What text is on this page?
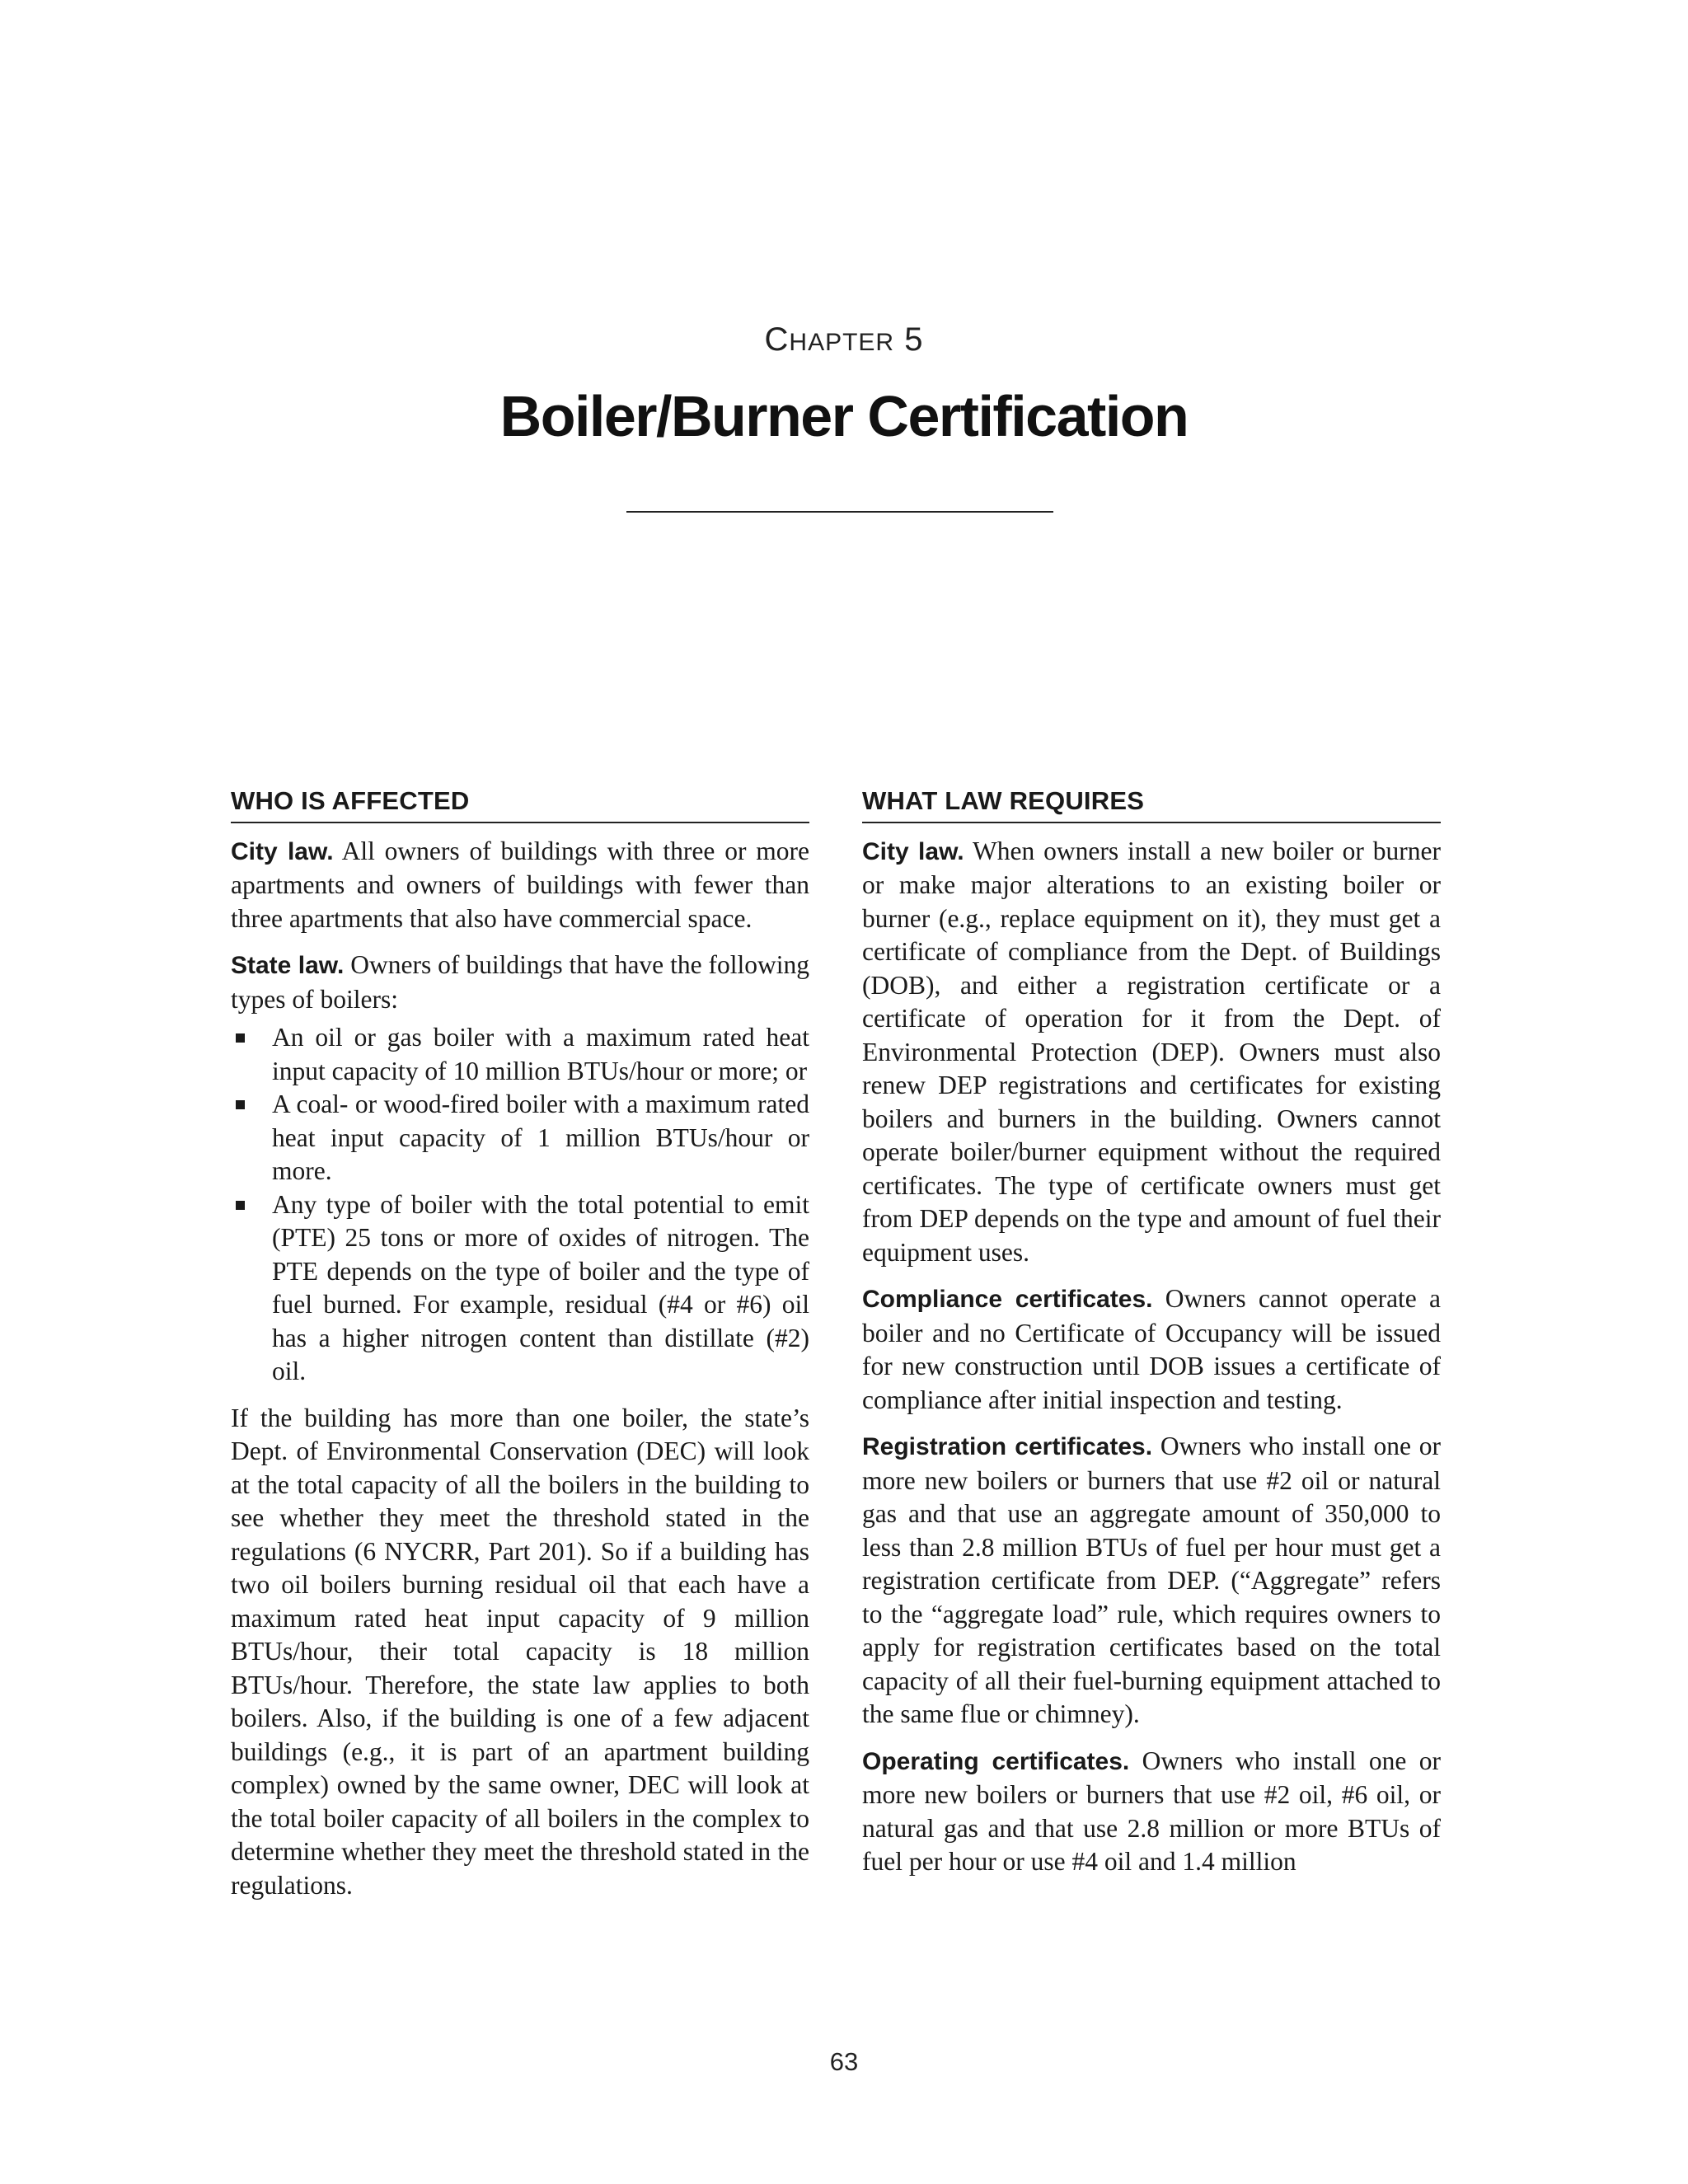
CHAPTER 5
Boiler/Burner Certification
WHO IS AFFECTED

City law. All owners of buildings with three or more apartments and owners of buildings with fewer than three apartments that also have commercial space.

State law. Owners of buildings that have the following types of boilers:

An oil or gas boiler with a maximum rated heat input capacity of 10 million BTUs/hour or more; or
A coal- or wood-fired boiler with a maximum rated heat input capacity of 1 million BTUs/hour or more.
Any type of boiler with the total potential to emit (PTE) 25 tons or more of oxides of nitrogen. The PTE depends on the type of boiler and the type of fuel burned. For example, residual (#4 or #6) oil has a higher nitrogen content than distillate (#2) oil.

If the building has more than one boiler, the state’s Dept. of Environmental Conservation (DEC) will look at the total capacity of all the boilers in the building to see whether they meet the threshold stated in the regulations (6 NYCRR, Part 201). So if a building has two oil boilers burning residual oil that each have a maximum rated heat input capacity of 9 million BTUs/hour, their total capacity is 18 million BTUs/hour. Therefore, the state law applies to both boilers. Also, if the building is one of a few adjacent buildings (e.g., it is part of an apartment building complex) owned by the same owner, DEC will look at the total boiler capacity of all boilers in the complex to determine whether they meet the threshold stated in the regulations.

WHAT LAW REQUIRES

City law. When owners install a new boiler or burner or make major alterations to an existing boiler or burner (e.g., replace equipment on it), they must get a certificate of compliance from the Dept. of Buildings (DOB), and either a registration certificate or a certificate of operation for it from the Dept. of Environmental Protection (DEP). Owners must also renew DEP registrations and certificates for existing boilers and burners in the building. Owners cannot operate boiler/burner equipment without the required certificates. The type of certificate owners must get from DEP depends on the type and amount of fuel their equipment uses.

Compliance certificates. Owners cannot operate a boiler and no Certificate of Occupancy will be issued for new construction until DOB issues a certificate of compliance after initial inspection and testing.

Registration certificates. Owners who install one or more new boilers or burners that use #2 oil or natural gas and that use an aggregate amount of 350,000 to less than 2.8 million BTUs of fuel per hour must get a registration certificate from DEP. (“Aggregate” refers to the “aggregate load” rule, which requires owners to apply for registration certificates based on the total capacity of all their fuel-burning equipment attached to the same flue or chimney).

Operating certificates. Owners who install one or more new boilers or burners that use #2 oil, #6 oil, or natural gas and that use 2.8 million or more BTUs of fuel per hour or use #4 oil and 1.4 million

63
